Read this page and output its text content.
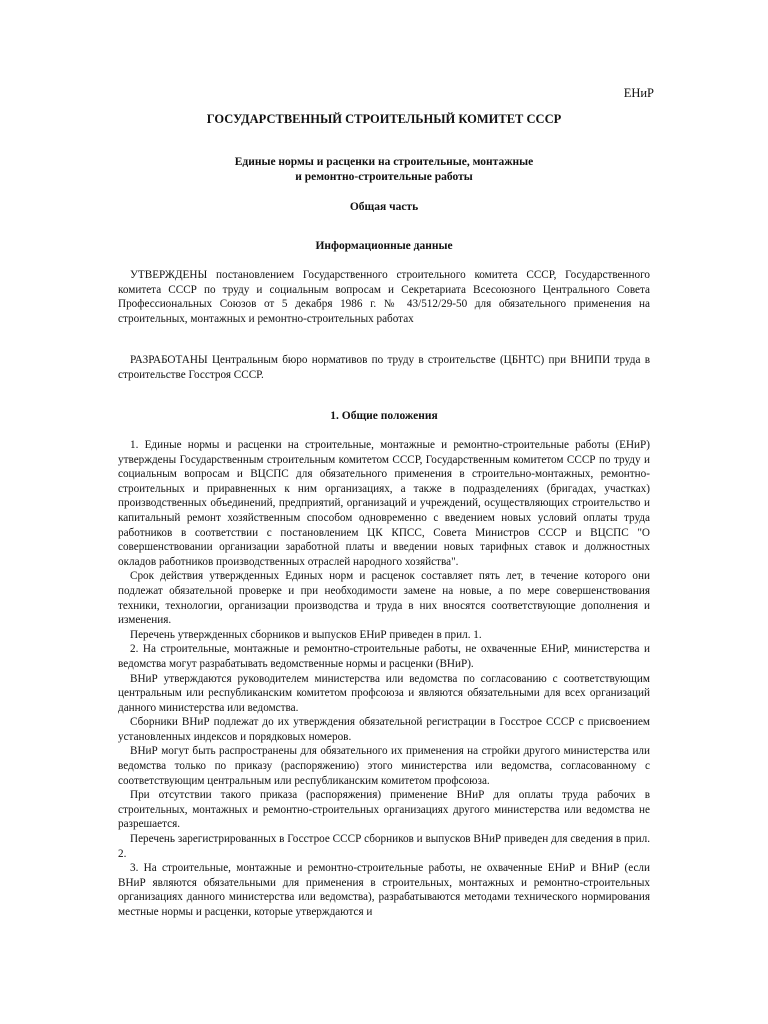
ЕНиР
ГОСУДАРСТВЕННЫЙ СТРОИТЕЛЬНЫЙ КОМИТЕТ СССР
Единые нормы и расценки на строительные, монтажные
и ремонтно-строительные работы
Общая часть
Информационные данные

УТВЕРЖДЕНЫ постановлением Государственного строительного комитета СССР, Государственного комитета СССР по труду и социальным вопросам и Секретариата Всесоюзного Центрального Совета Профессиональных Союзов от 5 декабря 1986 г. № 43/512/29-50 для обязательного применения на строительных, монтажных и ремонтно-строительных работах

РАЗРАБОТАНЫ Центральным бюро нормативов по труду в строительстве (ЦБНТС) при ВНИПИ труда в строительстве Госстроя СССР.

1. Общие положения

1. Единые нормы и расценки на строительные, монтажные и ремонтно-строительные работы (ЕНиР) утверждены Государственным строительным комитетом СССР, Государственным комитетом СССР по труду и социальным вопросам и ВЦСПС для обязательного применения в строительно-монтажных, ремонтно-строительных и приравненных к ним организациях, а также в подразделениях (бригадах, участках) производственных объединений, предприятий, организаций и учреждений, осуществляющих строительство и капитальный ремонт хозяйственным способом одновременно с введением новых условий оплаты труда работников в соответствии с постановлением ЦК КПСС, Совета Министров СССР и ВЦСПС "О совершенствовании организации заработной платы и введении новых тарифных ставок и должностных окладов работников производственных отраслей народного хозяйства".

Срок действия утвержденных Единых норм и расценок составляет пять лет, в течение которого они подлежат обязательной проверке и при необходимости замене на новые, а по мере совершенствования техники, технологии, организации производства и труда в них вносятся соответствующие дополнения и изменения.

Перечень утвержденных сборников и выпусков ЕНиР приведен в прил. 1.

2. На строительные, монтажные и ремонтно-строительные работы, не охваченные ЕНиР, министерства и ведомства могут разрабатывать ведомственные нормы и расценки (ВНиР).

ВНиР утверждаются руководителем министерства или ведомства по согласованию с соответствующим центральным или республиканским комитетом профсоюза и являются обязательными для всех организаций данного министерства или ведомства.

Сборники ВНиР подлежат до их утверждения обязательной регистрации в Госстрое СССР с присвоением установленных индексов и порядковых номеров.

ВНиР могут быть распространены для обязательного их применения на стройки другого министерства или ведомства только по приказу (распоряжению) этого министерства или ведомства, согласованному с соответствующим центральным или республиканским комитетом профсоюза.

При отсутствии такого приказа (распоряжения) применение ВНиР для оплаты труда рабочих в строительных, монтажных и ремонтно-строительных организациях другого министерства или ведомства не разрешается.

Перечень зарегистрированных в Госстрое СССР сборников и выпусков ВНиР приведен для сведения в прил. 2.

3. На строительные, монтажные и ремонтно-строительные работы, не охваченные ЕНиР и ВНиР (если ВНиР являются обязательными для применения в строительных, монтажных и ремонтно-строительных организациях данного министерства или ведомства), разрабатываются методами технического нормирования местные нормы и расценки, которые утверждаются и
